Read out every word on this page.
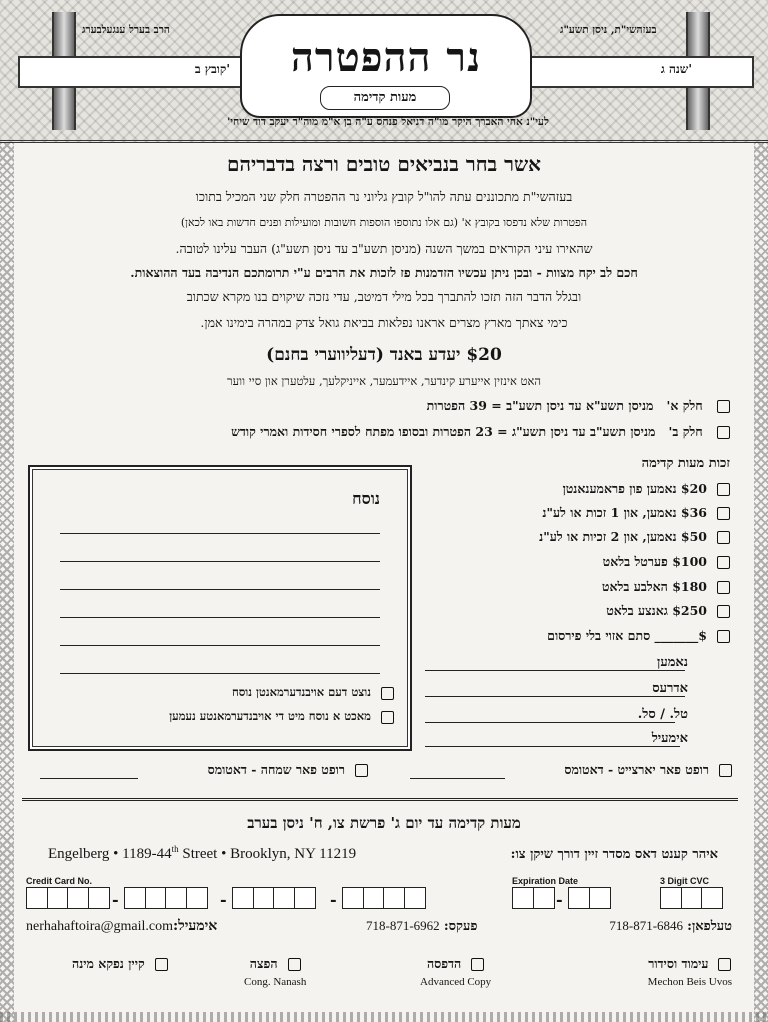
קובץ ב'	שנה ג'
הרב בערל ענגעלבערג	בעזהשי"ת, ניסן תשע"ג
נר ההפטרה
מעות קדימה
לעי"נ אחי האברך היקר מו"ה דניאל פנחס ע"ה בן א"מ מוה"ר יעקב דוד שיחי'
אשר בחר בנביאים טובים ורצה בדבריהם
בעזהשי"ת מתכוננים עתה להו"ל קובץ גליוני נר ההפטרה חלק שני המכיל בתוכו
הפטרות שלא נדפסו בקובץ א' (גם אלו נתוספו הוספות חשובות ומועילות ופנים חדשות באו לכאן)
שהאירו עיני הקוראים במשך השנה (מניסן תשע"ב עד ניסן תשע"ג) העבר עלינו לטובה.
חכם לב יקח מצוות - ובכן ניתן עכשיו הזדמנות פז לזכות את הרבים ע"י תרומתכם הנדיבה בעד ההוצאות.
ובגלל הדבר הזה תזכו להתברך בכל מילי דמיטב, עדי נזכה שיקוים בנו מקרא שכתוב
כימי צאתך מארץ מצרים אראנו נפלאות בביאת גואל צדק במהרה בימינו אמן.
$20 יעדע באנד (דעליווערי בחנם)
האט אינזין אייערע קינדער, איידעמער, אייניקלעך, עלטערן און סיי ווער
חלק א'   מניסן תשע"א עד ניסן תשע"ב = 39 הפטרות
חלק ב'   מניסן תשע"ב עד ניסן תשע"ג = 23 הפטרות ובסופו מפתח לספרי חסידות ואמרי קודש
זכות מעות קדימה
$20 נאמען פון פראמענאנטן
$36 נאמען, און 1 זכות או לע"נ
$50 נאמען, און 2 זכיות או לע"נ
$100 פערטל בלאט
$180 האלבע בלאט
$250 גאנצע בלאט
$_______ סתם אזוי בלי פירסום
נאמען
אדרעס
טל. / סל.
אימעיל
נוסח
נוצט דעם אויבנדערמאנטן נוסח
מאכט א נוסח מיט די אויבנדערמאנטע נעמען
רופט פאר יארצייט - דאטומס
רופט פאר שמחה - דאטומס
מעות קדימה עד יום ג' פרשת צו, ח' ניסן בערב
איהר קענט דאס מסדר זיין דורך שיקן צו:
Engelberg • 1189-44th Street • Brooklyn, NY 11219
Credit Card No.
-	-	-
Expiration Date
-
3 Digit CVC
אימעיל:nerhahaftoira@gmail.com	פעקס: 718-871-6962	טעלפאן: 718-871-6846
עימוד וסידור
Mechon Beis Uvos
הדפסה
Advanced Copy
הפצה
Cong. Nanash
קיין נפקא מינה
